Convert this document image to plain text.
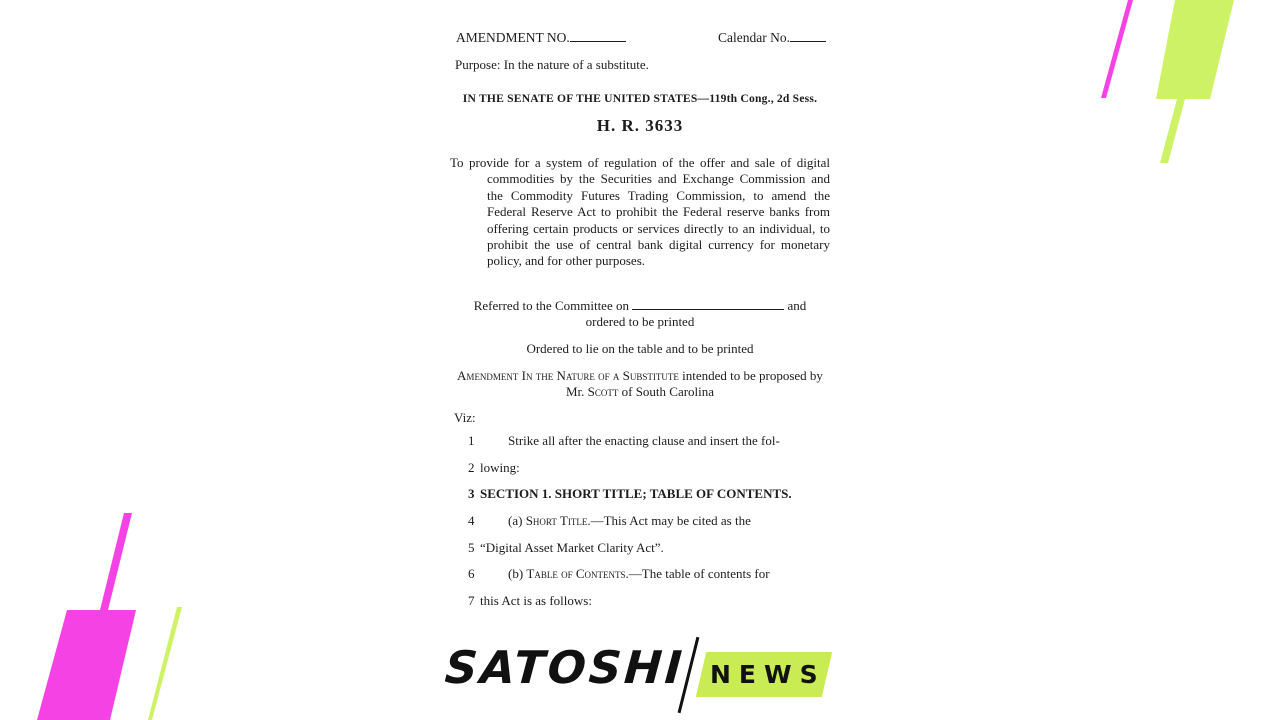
AMENDMENT NO.	Calendar No.
Purpose: In the nature of a substitute.
IN THE SENATE OF THE UNITED STATES—119th Cong., 2d Sess.
H. R. 3633
To provide for a system of regulation of the offer and sale of digital commodities by the Securities and Exchange Commission and the Commodity Futures Trading Commission, to amend the Federal Reserve Act to prohibit the Federal reserve banks from offering certain products or services directly to an individual, to prohibit the use of central bank digital currency for monetary policy, and for other purposes.
Referred to the Committee on	and
ordered to be printed
Ordered to lie on the table and to be printed
Amendment In the Nature of a Substitute intended to be proposed by Mr. Scott of South Carolina
Viz:
1	Strike all after the enacting clause and insert the fol-
2 lowing:
3 SECTION 1. SHORT TITLE; TABLE OF CONTENTS.
4	(a) Short Title.—This Act may be cited as the
5 “Digital Asset Market Clarity Act”.
6	(b) Table of Contents.—The table of contents for
7 this Act is as follows:
SATOSHI NEWS
